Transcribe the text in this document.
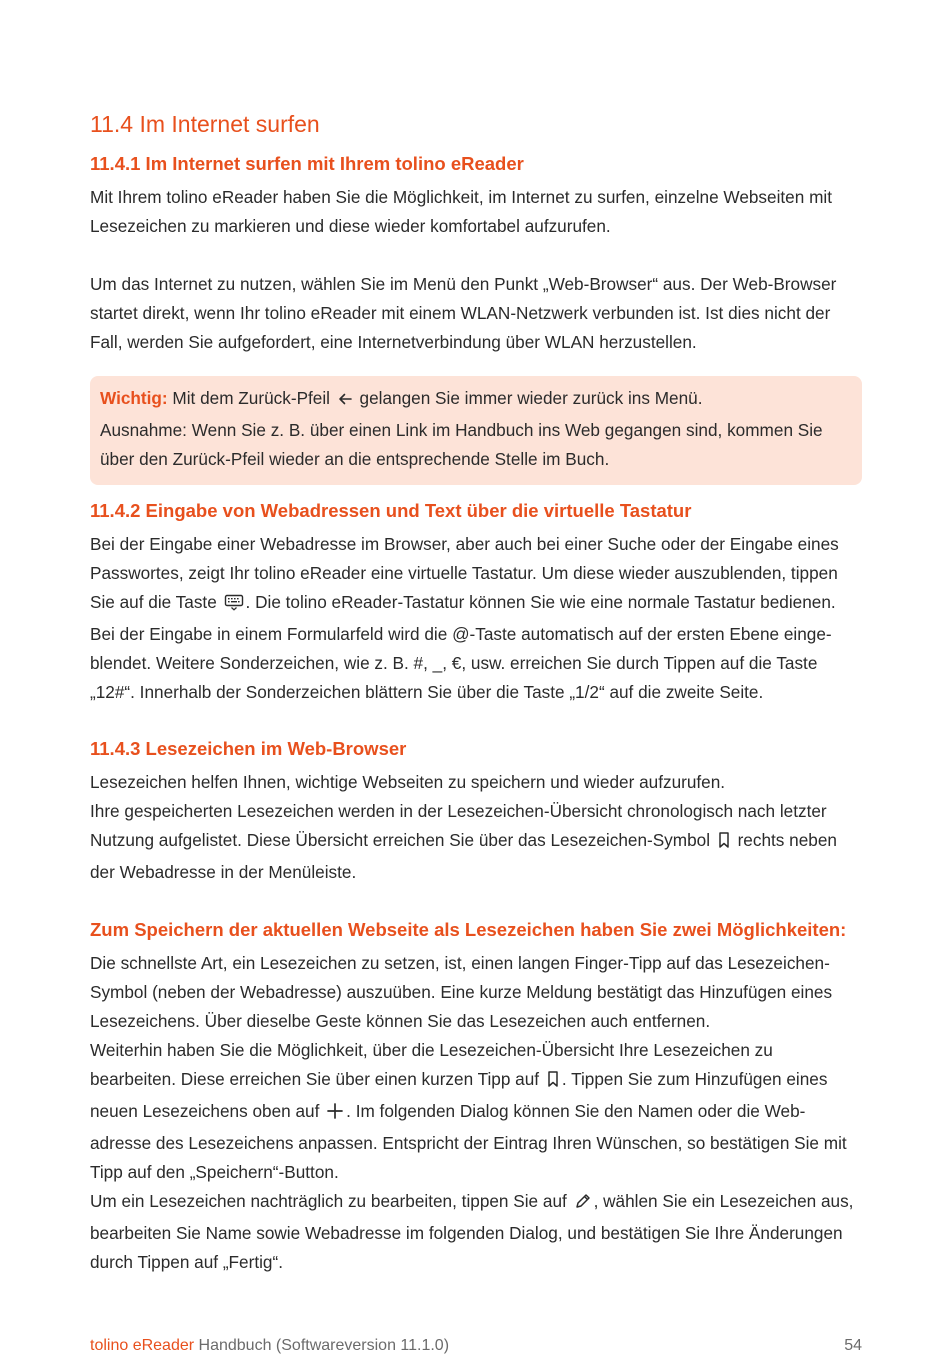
11.4 Im Internet surfen
11.4.1 Im Internet surfen mit Ihrem tolino eReader

Mit Ihrem tolino eReader haben Sie die Möglichkeit, im Internet zu surfen, einzelne Webseiten mit Lesezeichen zu markieren und diese wieder komfortabel aufzurufen.

Um das Internet zu nutzen, wählen Sie im Menü den Punkt „Web-Browser“ aus. Der Web-Browser startet direkt, wenn Ihr tolino eReader mit einem WLAN-Netzwerk verbunden ist. Ist dies nicht der Fall, werden Sie aufgefordert, eine Internetverbindung über WLAN herzustellen.

Wichtig: Mit dem Zurück-Pfeil  gelangen Sie immer wieder zurück ins Menü.
Ausnahme: Wenn Sie z. B. über einen Link im Handbuch ins Web gegangen sind, kommen Sie über den Zurück-Pfeil wieder an die entsprechende Stelle im Buch.
11.4.2 Eingabe von Webadressen und Text über die virtuelle Tastatur

Bei der Eingabe einer Webadresse im Browser, aber auch bei einer Suche oder der Eingabe eines Passwortes, zeigt Ihr tolino eReader eine virtuelle Tastatur. Um diese wieder auszublenden, tippen Sie auf die Taste . Die tolino eReader-Tastatur können Sie wie eine normale Tastatur bedienen. Bei der Eingabe in einem Formularfeld wird die @-Taste automatisch auf der ersten Ebene einge-blendet. Weitere Sonderzeichen, wie z. B. #, _, €, usw. erreichen Sie durch Tippen auf die Taste „12#“. Innerhalb der Sonderzeichen blättern Sie über die Taste „1/2“ auf die zweite Seite.

11.4.3 Lesezeichen im Web-Browser

Lesezeichen helfen Ihnen, wichtige Webseiten zu speichern und wieder aufzurufen.

Ihre gespeicherten Lesezeichen werden in der Lesezeichen-Übersicht chronologisch nach letzter Nutzung aufgelistet. Diese Übersicht erreichen Sie über das Lesezeichen-Symbol  rechts neben der Webadresse in der Menüleiste.

Zum Speichern der aktuellen Webseite als Lesezeichen haben Sie zwei Möglichkeiten:

Die schnellste Art, ein Lesezeichen zu setzen, ist, einen langen Finger-Tipp auf das Lesezeichen-Symbol (neben der Webadresse) auszuüben. Eine kurze Meldung bestätigt das Hinzufügen eines Lesezeichens. Über dieselbe Geste können Sie das Lesezeichen auch entfernen.

Weiterhin haben Sie die Möglichkeit, über die Lesezeichen-Übersicht Ihre Lesezeichen zu bearbeiten. Diese erreichen Sie über einen kurzen Tipp auf . Tippen Sie zum Hinzufügen eines neuen Lesezeichens oben auf . Im folgenden Dialog können Sie den Namen oder die Web-adresse des Lesezeichens anpassen. Entspricht der Eintrag Ihren Wünschen, so bestätigen Sie mit Tipp auf den „Speichern“-Button.

Um ein Lesezeichen nachträglich zu bearbeiten, tippen Sie auf , wählen Sie ein Lesezeichen aus, bearbeiten Sie Name sowie Webadresse im folgenden Dialog, und bestätigen Sie Ihre Änderungen durch Tippen auf „Fertig“.

tolino eReader Handbuch (Softwareversion 11.1.0)	54
